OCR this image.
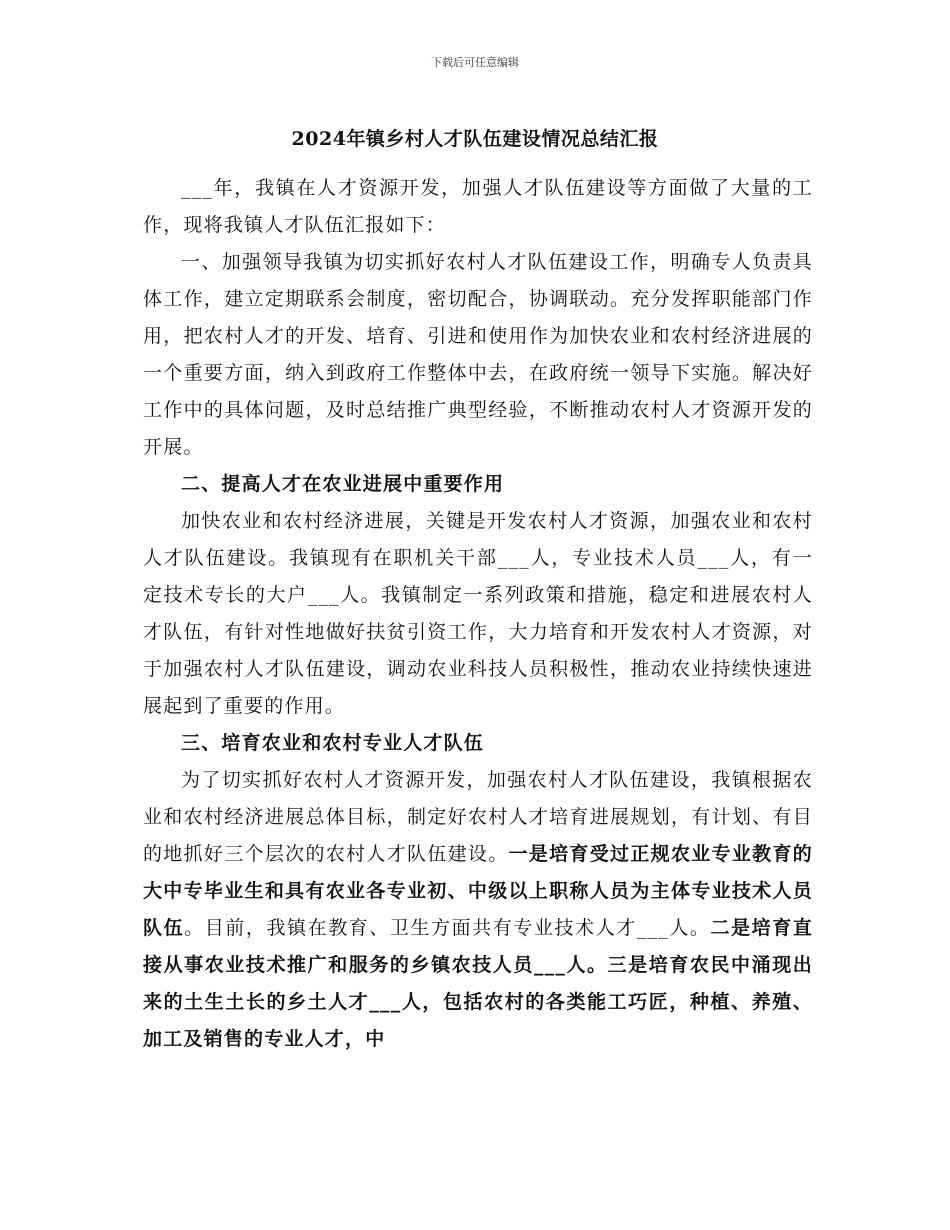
下载后可任意编辑
2024年镇乡村人才队伍建设情况总结汇报

___年，我镇在人才资源开发，加强人才队伍建设等方面做了大量的工作，现将我镇人才队伍汇报如下：

一、加强领导我镇为切实抓好农村人才队伍建设工作，明确专人负责具体工作，建立定期联系会制度，密切配合，协调联动。充分发挥职能部门作用，把农村人才的开发、培育、引进和使用作为加快农业和农村经济进展的一个重要方面，纳入到政府工作整体中去，在政府统一领导下实施。解决好工作中的具体问题，及时总结推广典型经验，不断推动农村人才资源开发的开展。

二、提高人才在农业进展中重要作用

加快农业和农村经济进展，关键是开发农村人才资源，加强农业和农村人才队伍建设。我镇现有在职机关干部___人，专业技术人员___人，有一定技术专长的大户___人。我镇制定一系列政策和措施，稳定和进展农村人才队伍，有针对性地做好扶贫引资工作，大力培育和开发农村人才资源，对于加强农村人才队伍建设，调动农业科技人员积极性，推动农业持续快速进展起到了重要的作用。

三、培育农业和农村专业人才队伍

为了切实抓好农村人才资源开发，加强农村人才队伍建设，我镇根据农业和农村经济进展总体目标，制定好农村人才培育进展规划，有计划、有目的地抓好三个层次的农村人才队伍建设。一是培育受过正规农业专业教育的大中专毕业生和具有农业各专业初、中级以上职称人员为主体专业技术人员队伍。目前，我镇在教育、卫生方面共有专业技术人才___人。二是培育直接从事农业技术推广和服务的乡镇农技人员___人。三是培育农民中涌现出来的土生土长的乡土人才___人，包括农村的各类能工巧匠，种植、养殖、加工及销售的专业人才，中
